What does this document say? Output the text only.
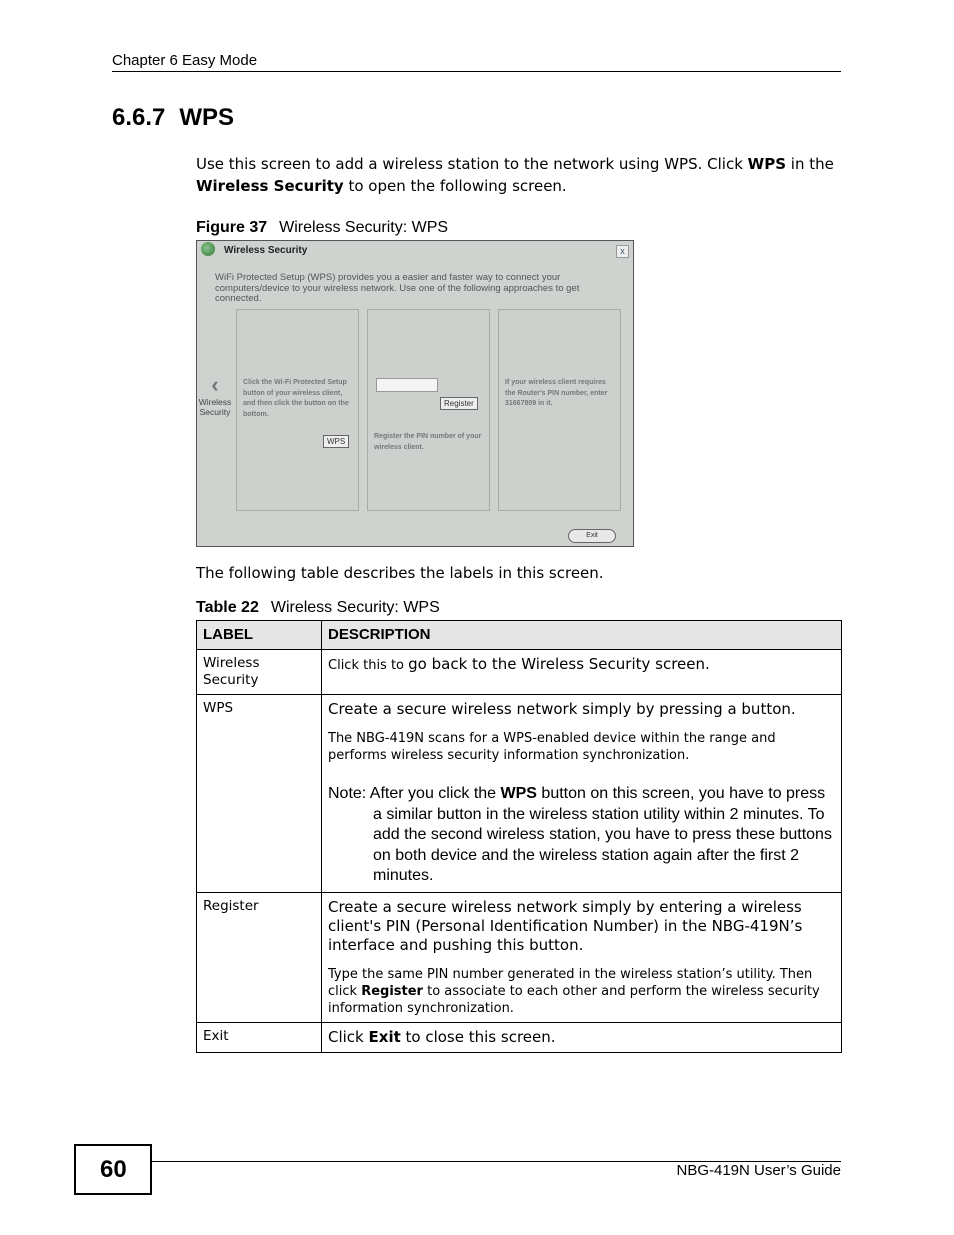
Chapter 6 Easy Mode
6.6.7 WPS
Use this screen to add a wireless station to the network using WPS. Click WPS in the Wireless Security to open the following screen.
Figure 37 Wireless Security: WPS
Wireless Security	x
WiFi Protected Setup (WPS) provides you a easier and faster way to connect your computers/device to your wireless network. Use one of the following approaches to get connected.
‹
Wireless
Security
Click the Wi-Fi Protected Setup button of your wireless client, and then click the button on the bottom.
WPS
Register
Register the PIN number of your wireless client.
If your wireless client requires the Router's PIN number, enter 31667809 in it.
Exit
The following table describes the labels in this screen.
Table 22 Wireless Security: WPS
LABEL	DESCRIPTION
Wireless Security	Click this to go back to the Wireless Security screen.
WPS	Create a secure wireless network simply by pressing a button.

The NBG-419N scans for a WPS-enabled device within the range and performs wireless security information synchronization.

Note: After you click the WPS button on this screen, you have to press a similar button in the wireless station utility within 2 minutes. To add the second wireless station, you have to press these buttons on both device and the wireless station again after the first 2 minutes.

Register	Create a secure wireless network simply by entering a wireless client's PIN (Personal Identification Number) in the NBG-419N’s interface and pushing this button.

Type the same PIN number generated in the wireless station’s utility. Then click Register to associate to each other and perform the wireless security information synchronization.

Exit	Click Exit to close this screen.
60	NBG-419N User’s Guide
